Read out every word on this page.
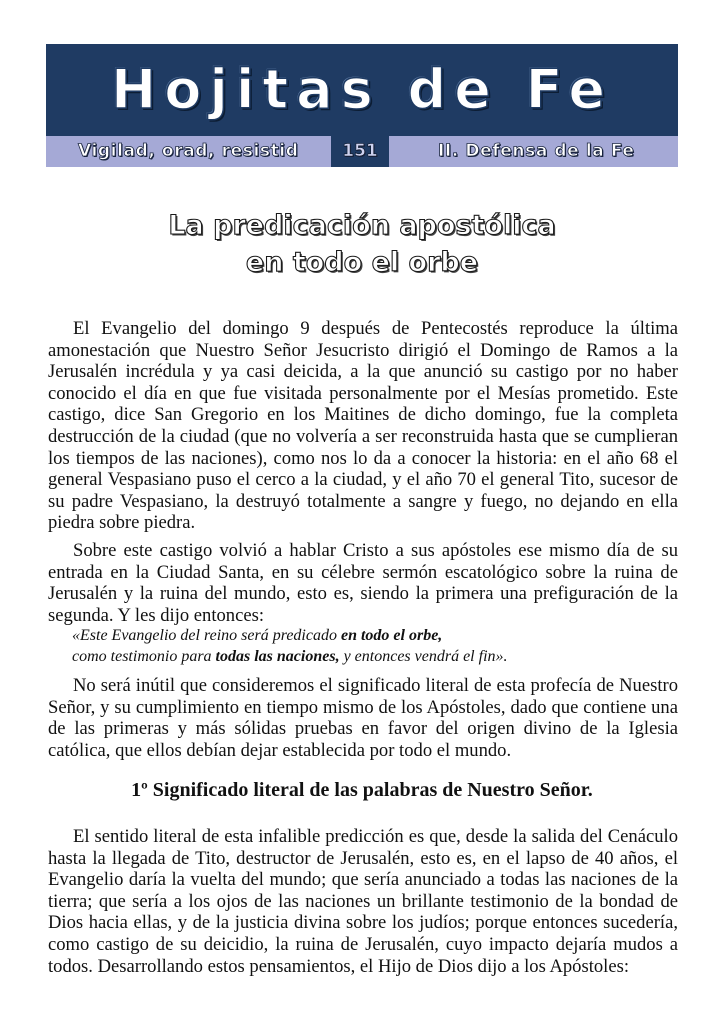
Hojitas de Fe
Vigilad, orad, resistid	151	II. Defensa de la Fe
La predicación apostólica
en todo el orbe

El Evangelio del domingo 9 después de Pentecostés reproduce la última amonestación que Nuestro Señor Jesucristo dirigió el Domingo de Ramos a la Jerusalén incrédula y ya casi deicida, a la que anunció su castigo por no haber conocido el día en que fue visitada personalmente por el Mesías prometido. Este castigo, dice San Gregorio en los Maitines de dicho domingo, fue la completa destrucción de la ciudad (que no volvería a ser reconstruida hasta que se cumplieran los tiempos de las naciones), como nos lo da a conocer la historia: en el año 68 el general Vespasiano puso el cerco a la ciudad, y el año 70 el general Tito, sucesor de su padre Vespasiano, la destruyó totalmente a sangre y fuego, no dejando en ella piedra sobre piedra.

Sobre este castigo volvió a hablar Cristo a sus apóstoles ese mismo día de su entrada en la Ciudad Santa, en su célebre sermón escatológico sobre la ruina de Jerusalén y la ruina del mundo, esto es, siendo la primera una prefiguración de la segunda. Y les dijo entonces:

«Este Evangelio del reino será predicado en todo el orbe,
como testimonio para todas las naciones, y entonces vendrá el fin».

No será inútil que consideremos el significado literal de esta profecía de Nuestro Señor, y su cumplimiento en tiempo mismo de los Apóstoles, dado que contiene una de las primeras y más sólidas pruebas en favor del origen divino de la Iglesia católica, que ellos debían dejar establecida por todo el mundo.

1º Significado literal de las palabras de Nuestro Señor.

El sentido literal de esta infalible predicción es que, desde la salida del Cenáculo hasta la llegada de Tito, destructor de Jerusalén, esto es, en el lapso de 40 años, el Evangelio daría la vuelta del mundo; que sería anunciado a todas las naciones de la tierra; que sería a los ojos de las naciones un brillante testimonio de la bondad de Dios hacia ellas, y de la justicia divina sobre los judíos; porque entonces sucedería, como castigo de su deicidio, la ruina de Jerusalén, cuyo impacto dejaría mudos a todos. Desarrollando estos pensamientos, el Hijo de Dios dijo a los Apóstoles:
